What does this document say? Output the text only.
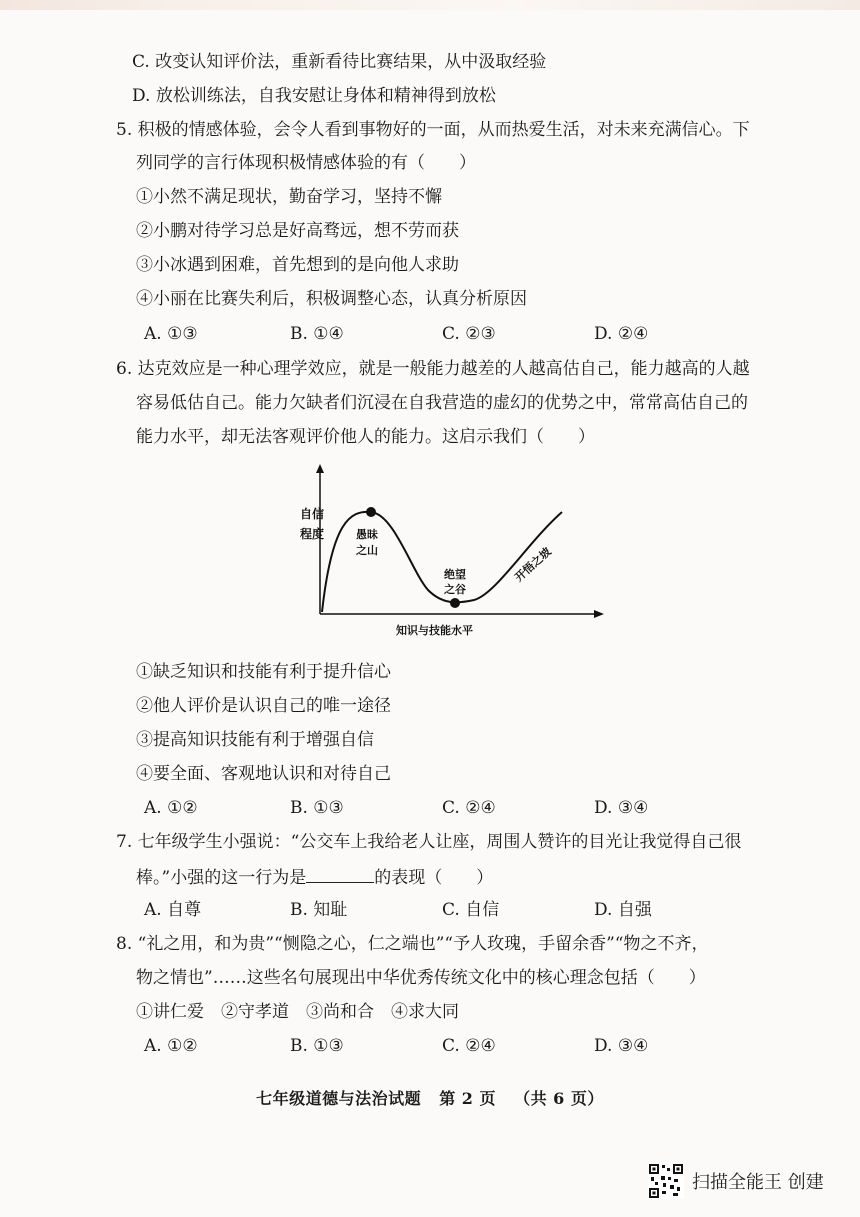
C. 改变认知评价法，重新看待比赛结果，从中汲取经验
D. 放松训练法，自我安慰让身体和精神得到放松
5. 积极的情感体验，会令人看到事物好的一面，从而热爱生活，对未来充满信心。下
列同学的言行体现积极情感体验的有（　　）
①小然不满足现状，勤奋学习，坚持不懈
②小鹏对待学习总是好高骛远，想不劳而获
③小冰遇到困难，首先想到的是向他人求助
④小丽在比赛失利后，积极调整心态，认真分析原因
A. ①③	B. ①④	C. ②③	D. ②④
6. 达克效应是一种心理学效应，就是一般能力越差的人越高估自己，能力越高的人越
容易低估自己。能力欠缺者们沉浸在自我营造的虚幻的优势之中，常常高估自己的
能力水平，却无法客观评价他人的能力。这启示我们（　　）
自信
程度	愚昧
之山
绝望
之谷
开悟之坡
知识与技能水平
①缺乏知识和技能有利于提升信心
②他人评价是认识自己的唯一途径
③提高知识技能有利于增强自信
④要全面、客观地认识和对待自己
A. ①②	B. ①③	C. ②④	D. ③④
7. 七年级学生小强说：“公交车上我给老人让座，周围人赞许的目光让我觉得自己很
棒。”小强的这一行为是	的表现（　　）
A. 自尊	B. 知耻	C. 自信	D. 自强
8. “礼之用，和为贵”“恻隐之心，仁之端也”“予人玫瑰，手留余香”“物之不齐，
物之情也”……这些名句展现出中华优秀传统文化中的核心理念包括（　　）
①讲仁爱　②守孝道　③尚和合　④求大同
A. ①②	B. ①③	C. ②④	D. ③④
七年级道德与法治试题 第 2 页 （共 6 页）
扫描全能王 创建
